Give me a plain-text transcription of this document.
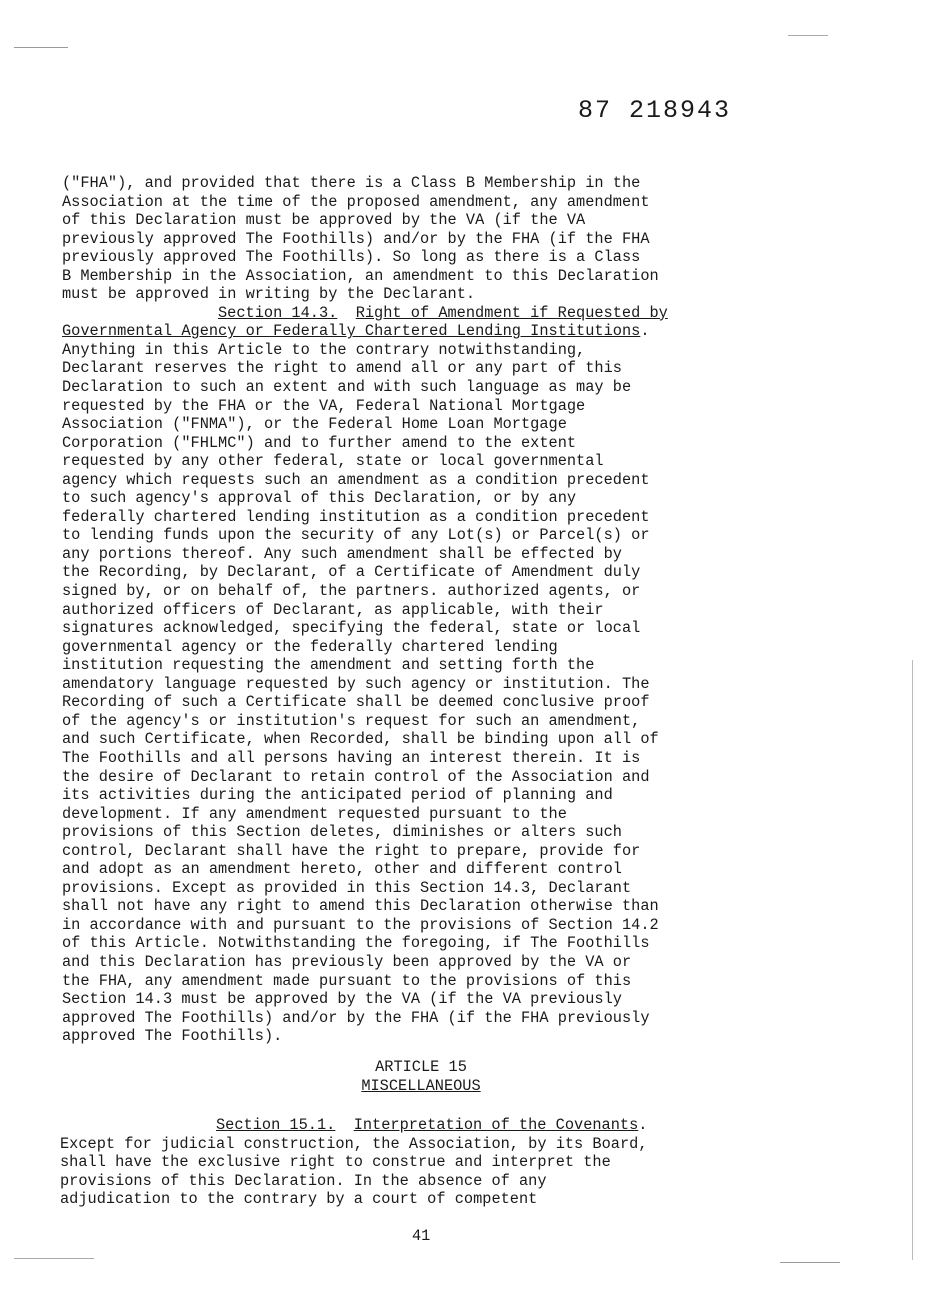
87 218943
("FHA"), and provided that there is a Class B Membership in the
Association at the time of the proposed amendment, any amendment
of this Declaration must be approved by the VA (if the VA
previously approved The Foothills) and/or by the FHA (if the FHA
previously approved The Foothills). So long as there is a Class
B Membership in the Association, an amendment to this Declaration
must be approved in writing by the Declarant.
Section 14.3. Right of Amendment if Requested by
Governmental Agency or Federally Chartered Lending Institutions.
Anything in this Article to the contrary notwithstanding,
Declarant reserves the right to amend all or any part of this
Declaration to such an extent and with such language as may be
requested by the FHA or the VA, Federal National Mortgage
Association ("FNMA"), or the Federal Home Loan Mortgage
Corporation ("FHLMC") and to further amend to the extent
requested by any other federal, state or local governmental
agency which requests such an amendment as a condition precedent
to such agency's approval of this Declaration, or by any
federally chartered lending institution as a condition precedent
to lending funds upon the security of any Lot(s) or Parcel(s) or
any portions thereof. Any such amendment shall be effected by
the Recording, by Declarant, of a Certificate of Amendment duly
signed by, or on behalf of, the partners. authorized agents, or
authorized officers of Declarant, as applicable, with their
signatures acknowledged, specifying the federal, state or local
governmental agency or the federally chartered lending
institution requesting the amendment and setting forth the
amendatory language requested by such agency or institution. The
Recording of such a Certificate shall be deemed conclusive proof
of the agency's or institution's request for such an amendment,
and such Certificate, when Recorded, shall be binding upon all of
The Foothills and all persons having an interest therein. It is
the desire of Declarant to retain control of the Association and
its activities during the anticipated period of planning and
development. If any amendment requested pursuant to the
provisions of this Section deletes, diminishes or alters such
control, Declarant shall have the right to prepare, provide for
and adopt as an amendment hereto, other and different control
provisions. Except as provided in this Section 14.3, Declarant
shall not have any right to amend this Declaration otherwise than
in accordance with and pursuant to the provisions of Section 14.2
of this Article. Notwithstanding the foregoing, if The Foothills
and this Declaration has previously been approved by the VA or
the FHA, any amendment made pursuant to the provisions of this
Section 14.3 must be approved by the VA (if the VA previously
approved The Foothills) and/or by the FHA (if the FHA previously
approved The Foothills).
ARTICLE 15
MISCELLANEOUS
Section 15.1. Interpretation of the Covenants.
Except for judicial construction, the Association, by its Board,
shall have the exclusive right to construe and interpret the
provisions of this Declaration. In the absence of any
adjudication to the contrary by a court of competent
41
